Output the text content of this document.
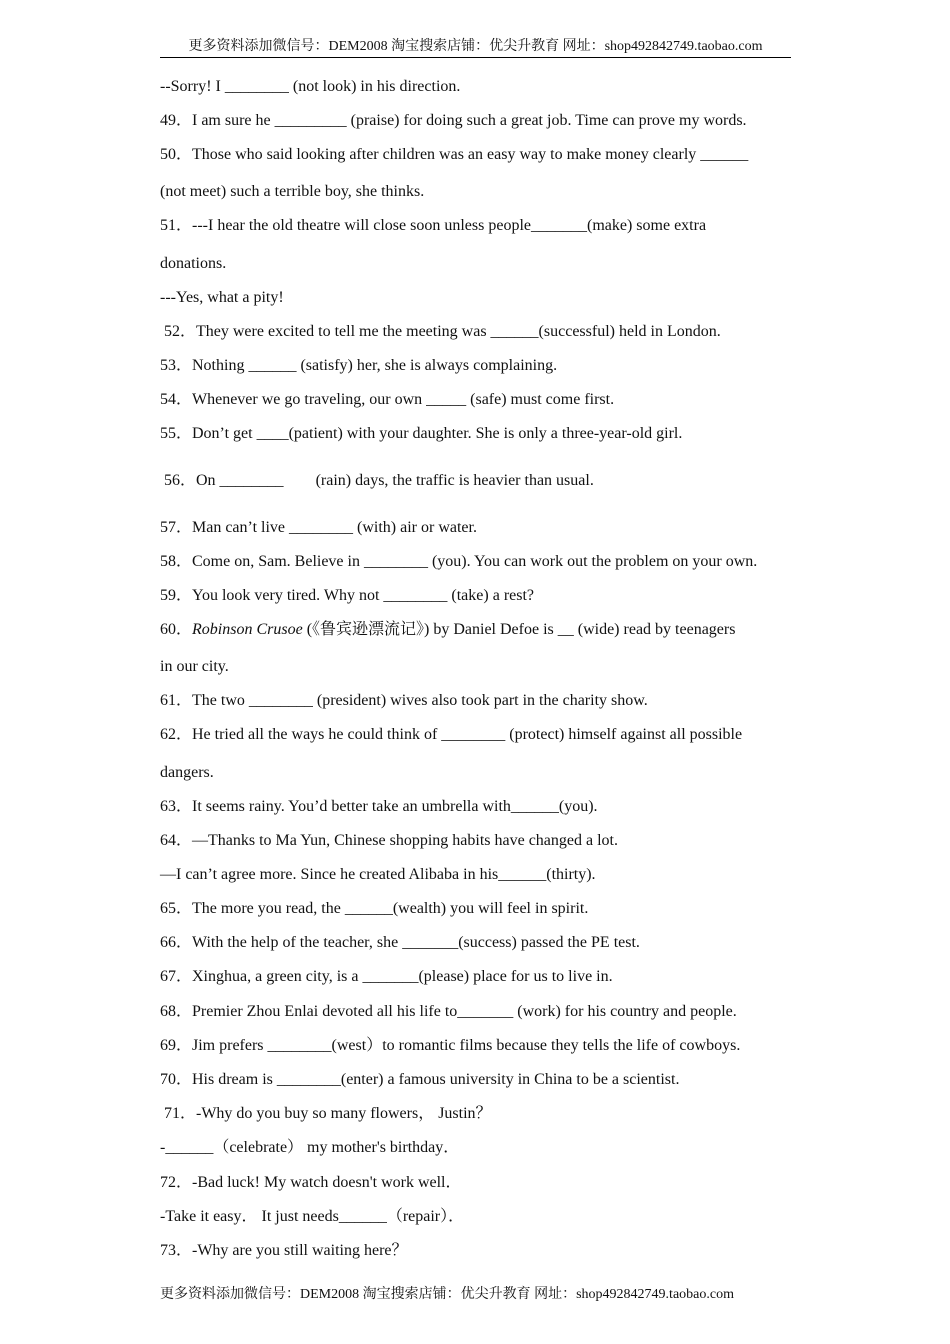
更多资料添加微信号：DEM2008 淘宝搜索店铺：优尖升教育 网址：shop492842749.taobao.com
--Sorry! I ________ (not look) in his direction.
49．I am sure he _________ (praise) for doing such a great job. Time can prove my words.
50．Those who said looking after children was an easy way to make money clearly ______
(not meet) such a terrible boy, she thinks.
51．---I hear the old theatre will close soon unless people_______(make) some extra
donations.
---Yes, what a pity!
52．They were excited to tell me the meeting was ______(successful) held in London.
53．Nothing ______ (satisfy) her, she is always complaining.
54．Whenever we go traveling, our own _____ (safe) must come first.
55．Don’t get ____(patient) with your daughter. She is only a three-year-old girl.
56．On ________ (rain) days, the traffic is heavier than usual.
57．Man can’t live ________ (with) air or water.
58．Come on, Sam. Believe in ________ (you). You can work out the problem on your own.
59．You look very tired. Why not ________ (take) a rest?
60．Robinson Crusoe (《鲁宾逊漂流记》) by Daniel Defoe is __ (wide) read by teenagers
in our city.
61．The two ________ (president) wives also took part in the charity show.
62．He tried all the ways he could think of ________ (protect) himself against all possible
dangers.
63．It seems rainy. You’d better take an umbrella with______(you).
64．—Thanks to Ma Yun, Chinese shopping habits have changed a lot.
—I can’t agree more. Since he created Alibaba in his______(thirty).
65．The more you read, the ______(wealth) you will feel in spirit.
66．With the help of the teacher, she _______(success) passed the PE test.
67．Xinghua, a green city, is a _______(please) place for us to live in.
68．Premier Zhou Enlai devoted all his life to_______ (work) for his country and people.
69．Jim prefers ________(west）to romantic films because they tells the life of cowboys.
70．His dream is ________(enter) a famous university in China to be a scientist.
71．-Why do you buy so many flowers， Justin？
-______（celebrate） my mother's birthday．
72．-Bad luck! My watch doesn't work well．
-Take it easy． It just needs______（repair）．
73．-Why are you still waiting here？
更多资料添加微信号：DEM2008 淘宝搜索店铺：优尖升教育 网址：shop492842749.taobao.com
